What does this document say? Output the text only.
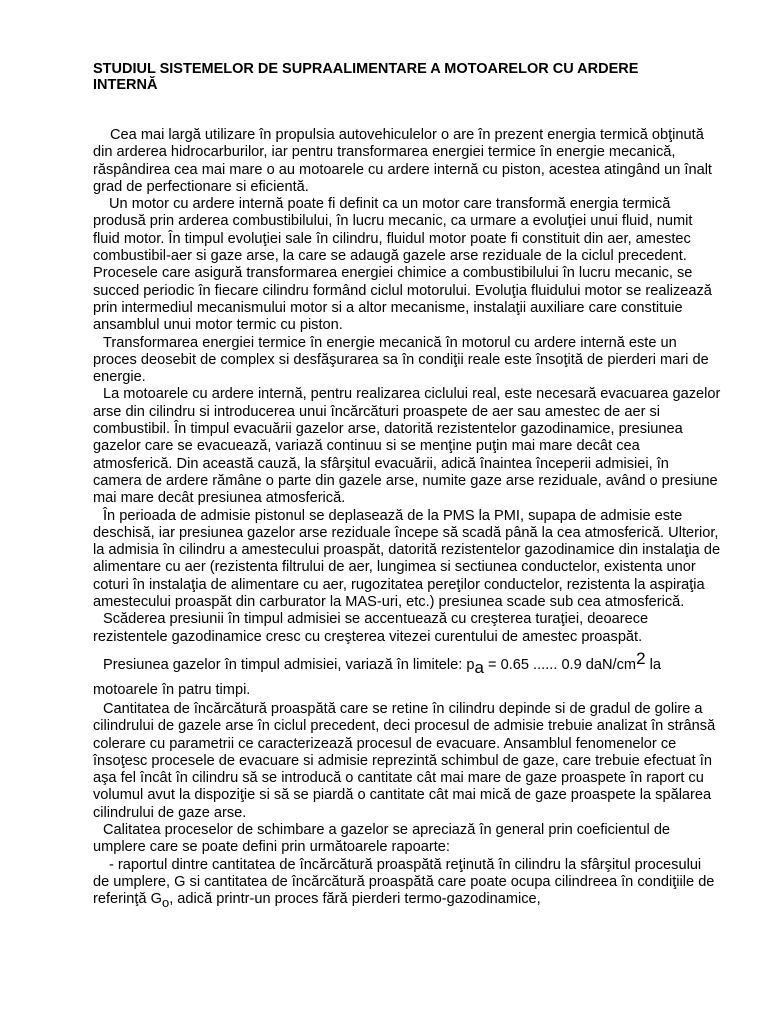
STUDIUL SISTEMELOR DE SUPRAALIMENTARE A MOTOARELOR CU ARDERE INTERNĂ

Cea mai largă utilizare în propulsia autovehiculelor o are în prezent energia termică obţinută din arderea hidrocarburilor, iar pentru transformarea energiei termice în energie mecanică, răspândirea cea mai mare o au motoarele cu ardere internă cu piston, acestea atingând un înalt grad de perfectionare si eficientă.

Un motor cu ardere internă poate fi definit ca un motor care transformă energia termică produsă prin arderea combustibilului, în lucru mecanic, ca urmare a evoluţiei unui fluid, numit fluid motor. În timpul evoluţiei sale în cilindru, fluidul motor poate fi constituit din aer, amestec combustibil-aer si gaze arse, la care se adaugă gazele arse reziduale de la ciclul precedent. Procesele care asigură transformarea energiei chimice a combustibilului în lucru mecanic, se succed periodic în fiecare cilindru formând ciclul motorului. Evoluţia fluidului motor se realizează prin intermediul mecanismului motor si a altor mecanisme, instalaţii auxiliare care constituie ansamblul unui motor termic cu piston.

Transformarea energiei termice în energie mecanică în motorul cu ardere internă este un proces deosebit de complex si desfăşurarea sa în condiţii reale este însoţită de pierderi mari de energie.

La motoarele cu ardere internă, pentru realizarea ciclului real, este necesară evacuarea gazelor arse din cilindru si introducerea unui încărcături proaspete de aer sau amestec de aer si combustibil. În timpul evacuării gazelor arse, datorită rezistentelor gazodinamice, presiunea gazelor care se evacuează, variază continuu si se menţine puţin mai mare decât cea atmosferică. Din această cauză, la sfârşitul evacuării, adică înaintea începerii admisiei, în camera de ardere rămâne o parte din gazele arse, numite gaze arse reziduale, având o presiune mai mare decât presiunea atmosferică.

În perioada de admisie pistonul se deplasează de la PMS la PMI, supapa de admisie este deschisă, iar presiunea gazelor arse reziduale începe să scadă până la cea atmosferică. Ulterior, la admisia în cilindru a amestecului proaspăt, datorită rezistentelor gazodinamice din instalaţia de alimentare cu aer (rezistenta filtrului de aer, lungimea si sectiunea conductelor, existenta unor coturi în instalaţia de alimentare cu aer, rugozitatea pereţilor conductelor, rezistenta la aspiraţia amestecului proaspăt din carburator la MAS-uri, etc.) presiunea scade sub cea atmosferică.

Scăderea presiunii în timpul admisiei se accentuează cu creşterea turaţiei, deoarece rezistentele gazodinamice cresc cu creşterea vitezei curentului de amestec proaspăt.

Presiunea gazelor în timpul admisiei, variază în limitele: pa = 0.65 ...... 0.9 daN/cm2 la motoarele în patru timpi.

Cantitatea de încărcătură proaspătă care se retine în cilindru depinde si de gradul de golire a cilindrului de gazele arse în ciclul precedent, deci procesul de admisie trebuie analizat în strânsă colerare cu parametrii ce caracterizează procesul de evacuare. Ansamblul fenomenelor ce însoţesc procesele de evacuare si admisie reprezintă schimbul de gaze, care trebuie efectuat în aşa fel încât în cilindru să se introducă o cantitate cât mai mare de gaze proaspete în raport cu volumul avut la dispoziţie si să se piardă o cantitate cât mai mică de gaze proaspete la spălarea cilindrului de gaze arse.

Calitatea proceselor de schimbare a gazelor se apreciază în general prin coeficientul de umplere care se poate defini prin următoarele rapoarte:

- raportul dintre cantitatea de încărcătură proaspătă reţinută în cilindru la sfârşitul procesului de umplere, G si cantitatea de încărcătură proaspătă care poate ocupa cilindreea în condiţiile de referinţă Go, adică printr-un proces fără pierderi termo-gazodinamice,
